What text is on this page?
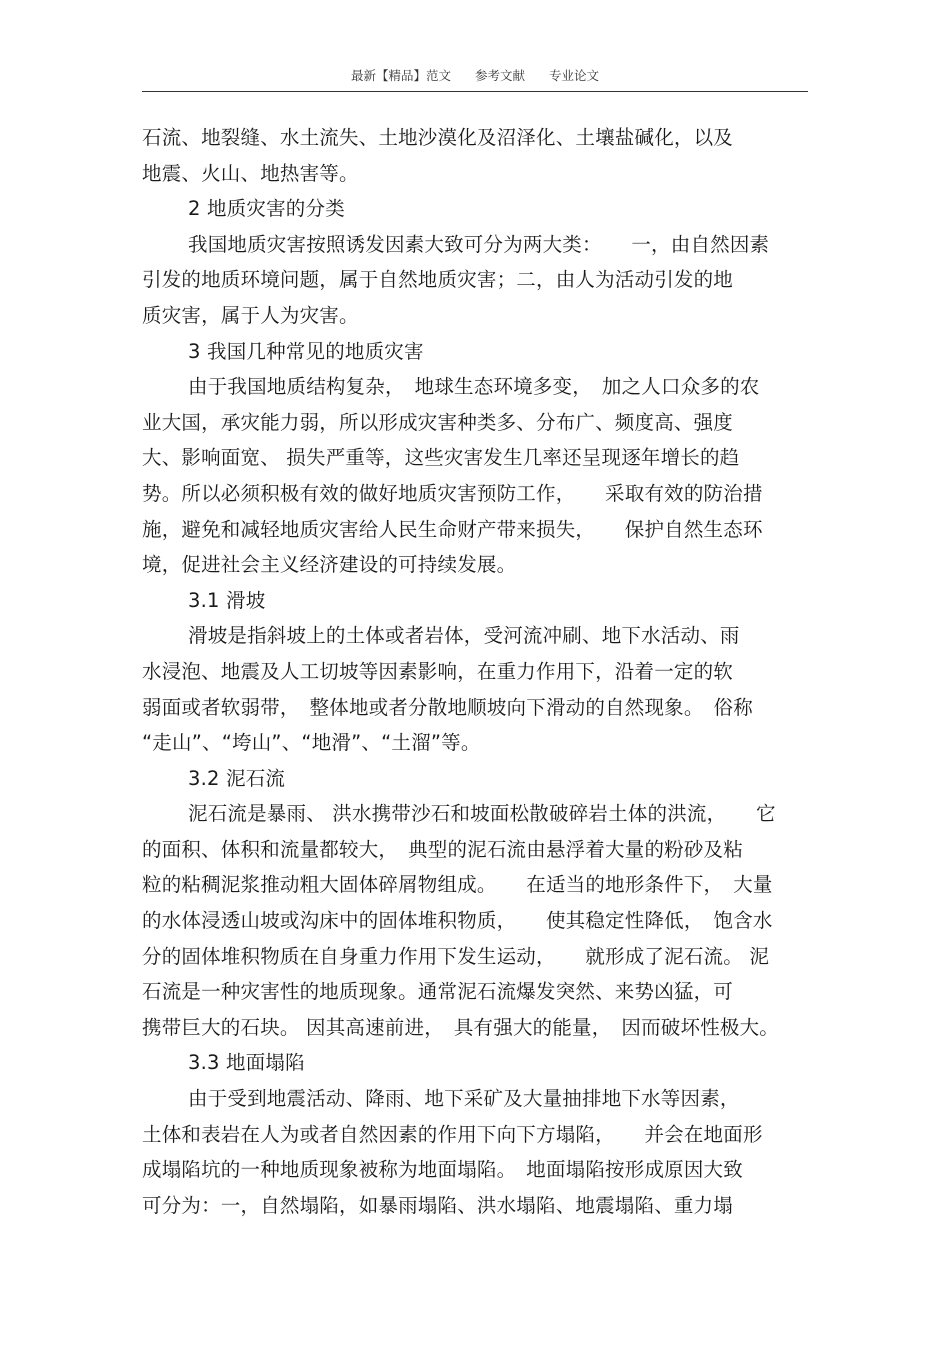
最新【精品】范文 参考文献 专业论文
石流、地裂缝、水土流失、土地沙漠化及沼泽化、土壤盐碱化，以及
地震、火山、地热害等。
2 地质灾害的分类
我国地质灾害按照诱发因素大致可分为两大类：　　一，由自然因素
引发的地质环境问题，属于自然地质灾害；二，由人为活动引发的地
质灾害，属于人为灾害。
3 我国几种常见的地质灾害
由于我国地质结构复杂，　地球生态环境多变，　加之人口众多的农
业大国，承灾能力弱，所以形成灾害种类多、分布广、频度高、强度
大、影响面宽、 损失严重等，这些灾害发生几率还呈现逐年增长的趋
势。所以必须积极有效的做好地质灾害预防工作，　　采取有效的防治措
施，避免和减轻地质灾害给人民生命财产带来损失，　　保护自然生态环
境，促进社会主义经济建设的可持续发展。
3.1 滑坡
滑坡是指斜坡上的土体或者岩体，受河流冲刷、地下水活动、雨
水浸泡、地震及人工切坡等因素影响，在重力作用下，沿着一定的软
弱面或者软弱带，　整体地或者分散地顺坡向下滑动的自然现象。　俗称
“走山”、“垮山”、“地滑”、“土溜”等。
3.2 泥石流
泥石流是暴雨、 洪水携带沙石和坡面松散破碎岩土体的洪流，　　它
的面积、体积和流量都较大，　典型的泥石流由悬浮着大量的粉砂及粘
粒的粘稠泥浆推动粗大固体碎屑物组成。　　在适当的地形条件下，　大量
的水体浸透山坡或沟床中的固体堆积物质，　　使其稳定性降低，　饱含水
分的固体堆积物质在自身重力作用下发生运动，　　就形成了泥石流。 泥
石流是一种灾害性的地质现象。通常泥石流爆发突然、来势凶猛，可
携带巨大的石块。 因其高速前进，　具有强大的能量，　因而破坏性极大。
3.3 地面塌陷
由于受到地震活动、降雨、地下采矿及大量抽排地下水等因素，
土体和表岩在人为或者自然因素的作用下向下方塌陷，　　并会在地面形
成塌陷坑的一种地质现象被称为地面塌陷。　地面塌陷按形成原因大致
可分为：一，自然塌陷，如暴雨塌陷、洪水塌陷、地震塌陷、重力塌
